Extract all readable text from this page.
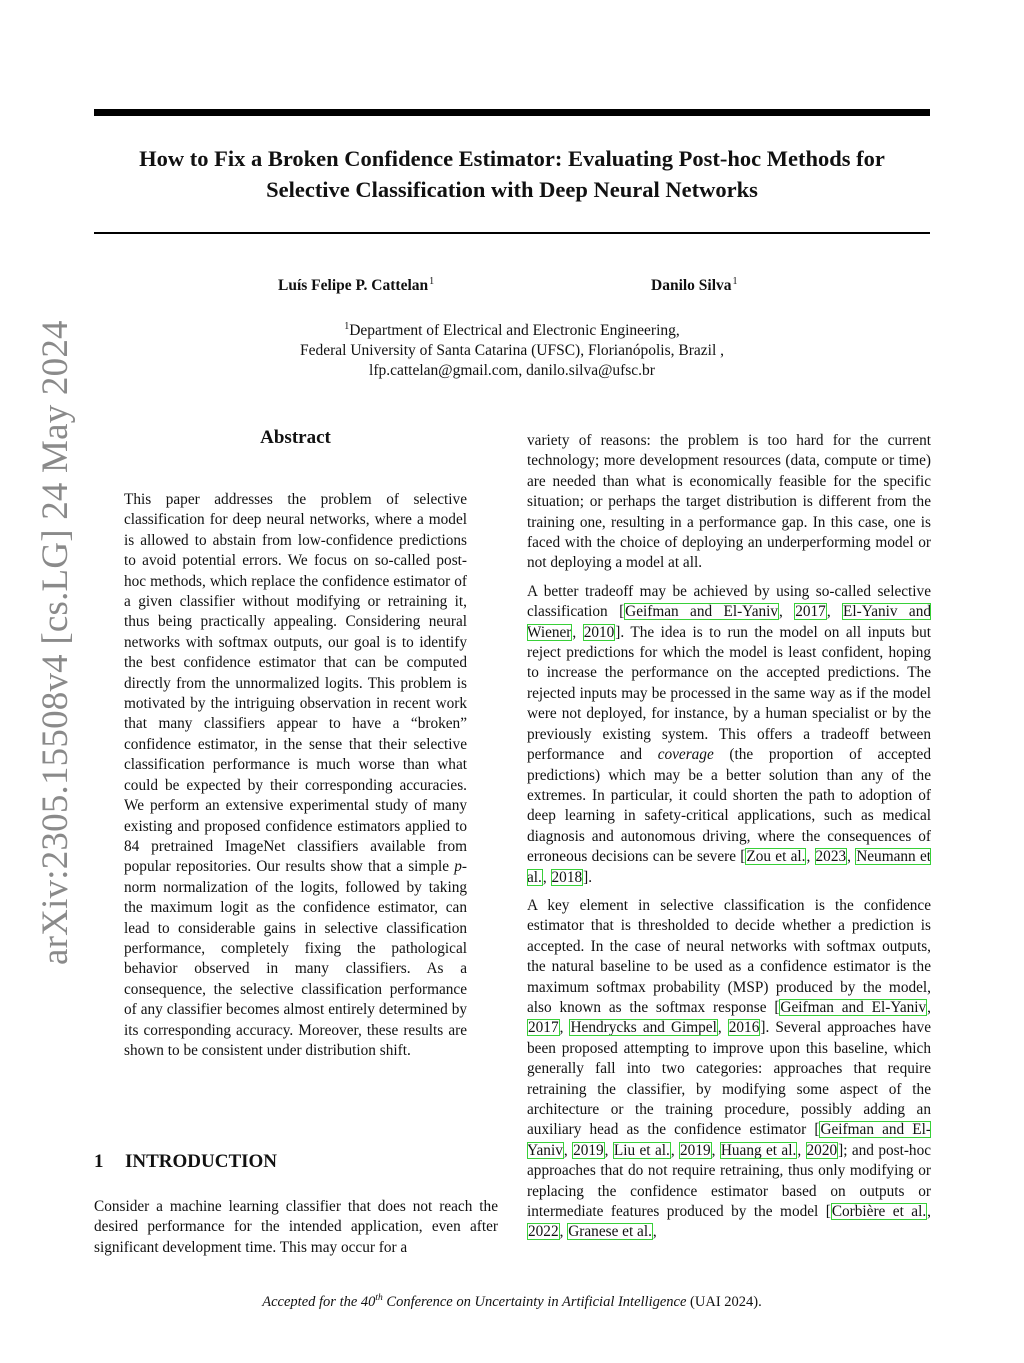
How to Fix a Broken Confidence Estimator: Evaluating Post-hoc Methods for
Selective Classification with Deep Neural Networks
Luís Felipe P. Cattelan$^1$	Danilo Silva$^1$
$^1$Department of Electrical and Electronic Engineering,
Federal University of Santa Catarina (UFSC), Florianópolis, Brazil ,
lfp.cattelan@gmail.com, danilo.silva@ufsc.br
arXiv:2305.15508v4 [cs.LG] 24 May 2024	Abstract
This paper addresses the problem of selective classification for deep neural networks, where a model is allowed to abstain from low-confidence predictions to avoid potential errors. We focus on so-called post-hoc methods, which replace the confidence estimator of a given classifier without modifying or retraining it, thus being practically appealing. Considering neural networks with softmax outputs, our goal is to identify the best confidence estimator that can be computed directly from the unnormalized logits. This problem is motivated by the intriguing observation in recent work that many classifiers appear to have a “broken” confidence estimator, in the sense that their selective classification performance is much worse than what could be expected by their corresponding accuracies. We perform an extensive experimental study of many existing and proposed confidence estimators applied to 84 pretrained ImageNet classifiers available from popular repositories. Our results show that a simple p-norm normalization of the logits, followed by taking the maximum logit as the confidence estimator, can lead to considerable gains in selective classification performance, completely fixing the pathological behavior observed in many classifiers. As a consequence, the selective classification performance of any classifier becomes almost entirely determined by its corresponding accuracy. Moreover, these results are shown to be consistent under distribution shift.
1 INTRODUCTION
Consider a machine learning classifier that does not reach the desired performance for the intended application, even after significant development time. This may occur for a

variety of reasons: the problem is too hard for the current technology; more development resources (data, compute or time) are needed than what is economically feasible for the specific situation; or perhaps the target distribution is different from the training one, resulting in a performance gap. In this case, one is faced with the choice of deploying an underperforming model or not deploying a model at all.

A better tradeoff may be achieved by using so-called selective classification [Geifman and El-Yaniv, 2017, El-Yaniv and Wiener, 2010]. The idea is to run the model on all inputs but reject predictions for which the model is least confident, hoping to increase the performance on the accepted predictions. The rejected inputs may be processed in the same way as if the model were not deployed, for instance, by a human specialist or by the previously existing system. This offers a tradeoff between performance and coverage (the proportion of accepted predictions) which may be a better solution than any of the extremes. In particular, it could shorten the path to adoption of deep learning in safety-critical applications, such as medical diagnosis and autonomous driving, where the consequences of erroneous decisions can be severe [Zou et al., 2023, Neumann et al., 2018].

A key element in selective classification is the confidence estimator that is thresholded to decide whether a prediction is accepted. In the case of neural networks with softmax outputs, the natural baseline to be used as a confidence estimator is the maximum softmax probability (MSP) produced by the model, also known as the softmax response [Geifman and El-Yaniv, 2017, Hendrycks and Gimpel, 2016]. Several approaches have been proposed attempting to improve upon this baseline, which generally fall into two categories: approaches that require retraining the classifier, by modifying some aspect of the architecture or the training procedure, possibly adding an auxiliary head as the confidence estimator [Geifman and El-Yaniv, 2019, Liu et al., 2019, Huang et al., 2020]; and post-hoc approaches that do not require retraining, thus only modifying or replacing the confidence estimator based on outputs or intermediate features produced by the model [Corbière et al., 2022, Granese et al.,

Accepted for the 40th Conference on Uncertainty in Artificial Intelligence (UAI 2024).
